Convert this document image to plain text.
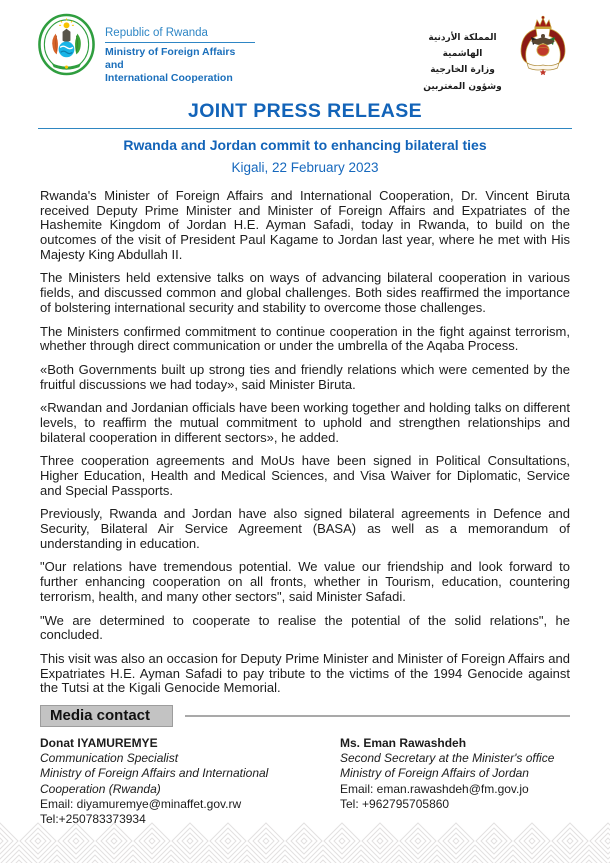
Republic of Rwanda
Ministry of Foreign Affairs and
International Cooperation
المملكة الأردنية الهاشمية
وزارة الخارجية وشؤون المغتربين
JOINT PRESS RELEASE
Rwanda and Jordan commit to enhancing bilateral ties
Kigali, 22 February 2023

Rwanda's Minister of Foreign Affairs and International Cooperation, Dr. Vincent Biruta received Deputy Prime Minister and Minister of Foreign Affairs and Expatriates of the Hashemite Kingdom of Jordan H.E. Ayman Safadi, today in Rwanda, to build on the outcomes of the visit of President Paul Kagame to Jordan last year, where he met with His Majesty King Abdullah II.

The Ministers held extensive talks on ways of advancing bilateral cooperation in various fields, and discussed common and global challenges. Both sides reaffirmed the importance of bolstering international security and stability to overcome those challenges.

The Ministers confirmed commitment to continue cooperation in the fight against terrorism, whether through direct communication or under the umbrella of the Aqaba Process.

«Both Governments built up strong ties and friendly relations which were cemented by the fruitful discussions we had today», said Minister Biruta.

«Rwandan and Jordanian officials have been working together and holding talks on different levels, to reaffirm the mutual commitment to uphold and strengthen relationships and bilateral cooperation in different sectors», he added.

Three cooperation agreements and MoUs have been signed in Political Consultations, Higher Education, Health and Medical Sciences, and Visa Waiver for Diplomatic, Service and Special Passports.

Previously, Rwanda and Jordan have also signed bilateral agreements in Defence and Security, Bilateral Air Service Agreement (BASA) as well as a memorandum of understanding in education.

"Our relations have tremendous potential. We value our friendship and look forward to further enhancing cooperation on all fronts, whether in Tourism, education, countering terrorism, health, and many other sectors", said Minister Safadi.

"We are determined to cooperate to realise the potential of the solid relations", he concluded.

This visit was also an occasion for Deputy Prime Minister and Minister of Foreign Affairs and Expatriates H.E. Ayman Safadi to pay tribute to the victims of the 1994 Genocide against the Tutsi at the Kigali Genocide Memorial.

Media contact
Donat IYAMUREMYE
Communication Specialist
Ministry of Foreign Affairs and International Cooperation (Rwanda)
Email: diyamuremye@minaffet.gov.rw
Tel:+250783373934
Ms. Eman Rawashdeh
Second Secretary at the Minister's office
Ministry of Foreign Affairs of Jordan
Email: eman.rawashdeh@fm.gov.jo
Tel: +962795705860
